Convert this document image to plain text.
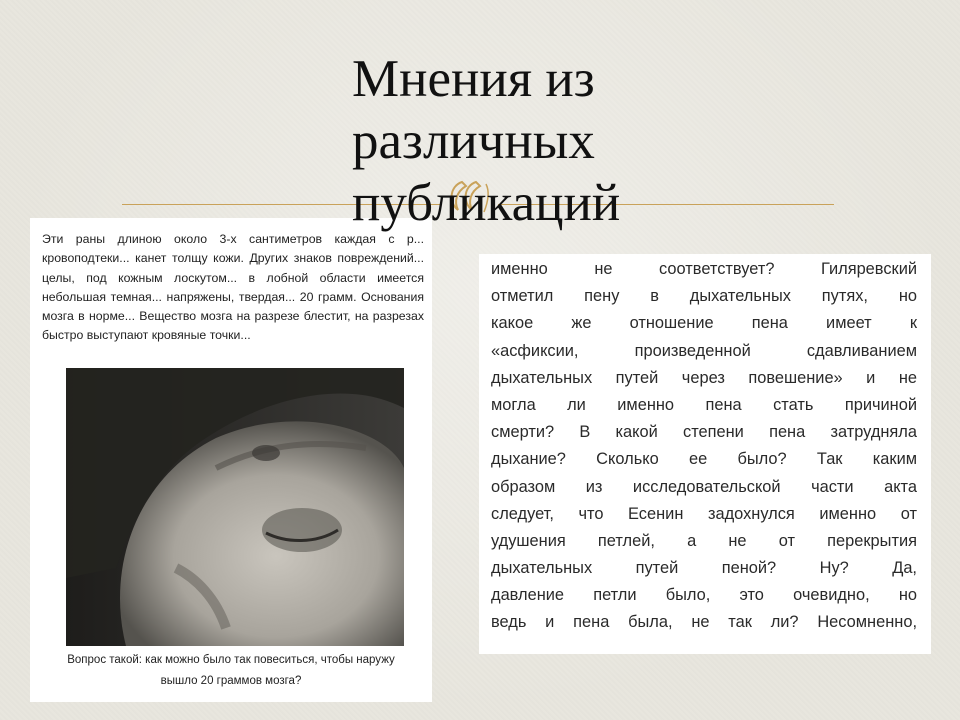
Мнения из
различных
публикаций

Эти раны длиною около 3-х сантиметров каждая с р... кровоподтеки... канет толщу кожи. Других знаков повреждений... целы, под кожным лоскутом... в лобной области имеется небольшая темная... напряжены, твердая... 20 грамм. Основания мозга в норме... Вещество мозга на разрезе блестит, на разрезах быстро выступают кровяные точки...

Вопрос такой: как можно было так повеситься, чтобы наружу
вышло 20 граммов мозга?

именно не соответствует? Гиляревский
отметил пену в дыхательных путях, но
какое же отношение пена имеет к
«асфиксии, произведенной сдавливанием
дыхательных путей через повешение» и не
могла ли именно пена стать причиной
смерти? В какой степени пена затрудняла
дыхание? Сколько ее было? Так каким
образом из исследовательской части акта
следует, что Есенин задохнулся именно от
удушения петлей, а не от перекрытия
дыхательных путей пеной? Ну? Да,
давление петли было, это очевидно, но
ведь и пена была, не так ли? Несомненно,
